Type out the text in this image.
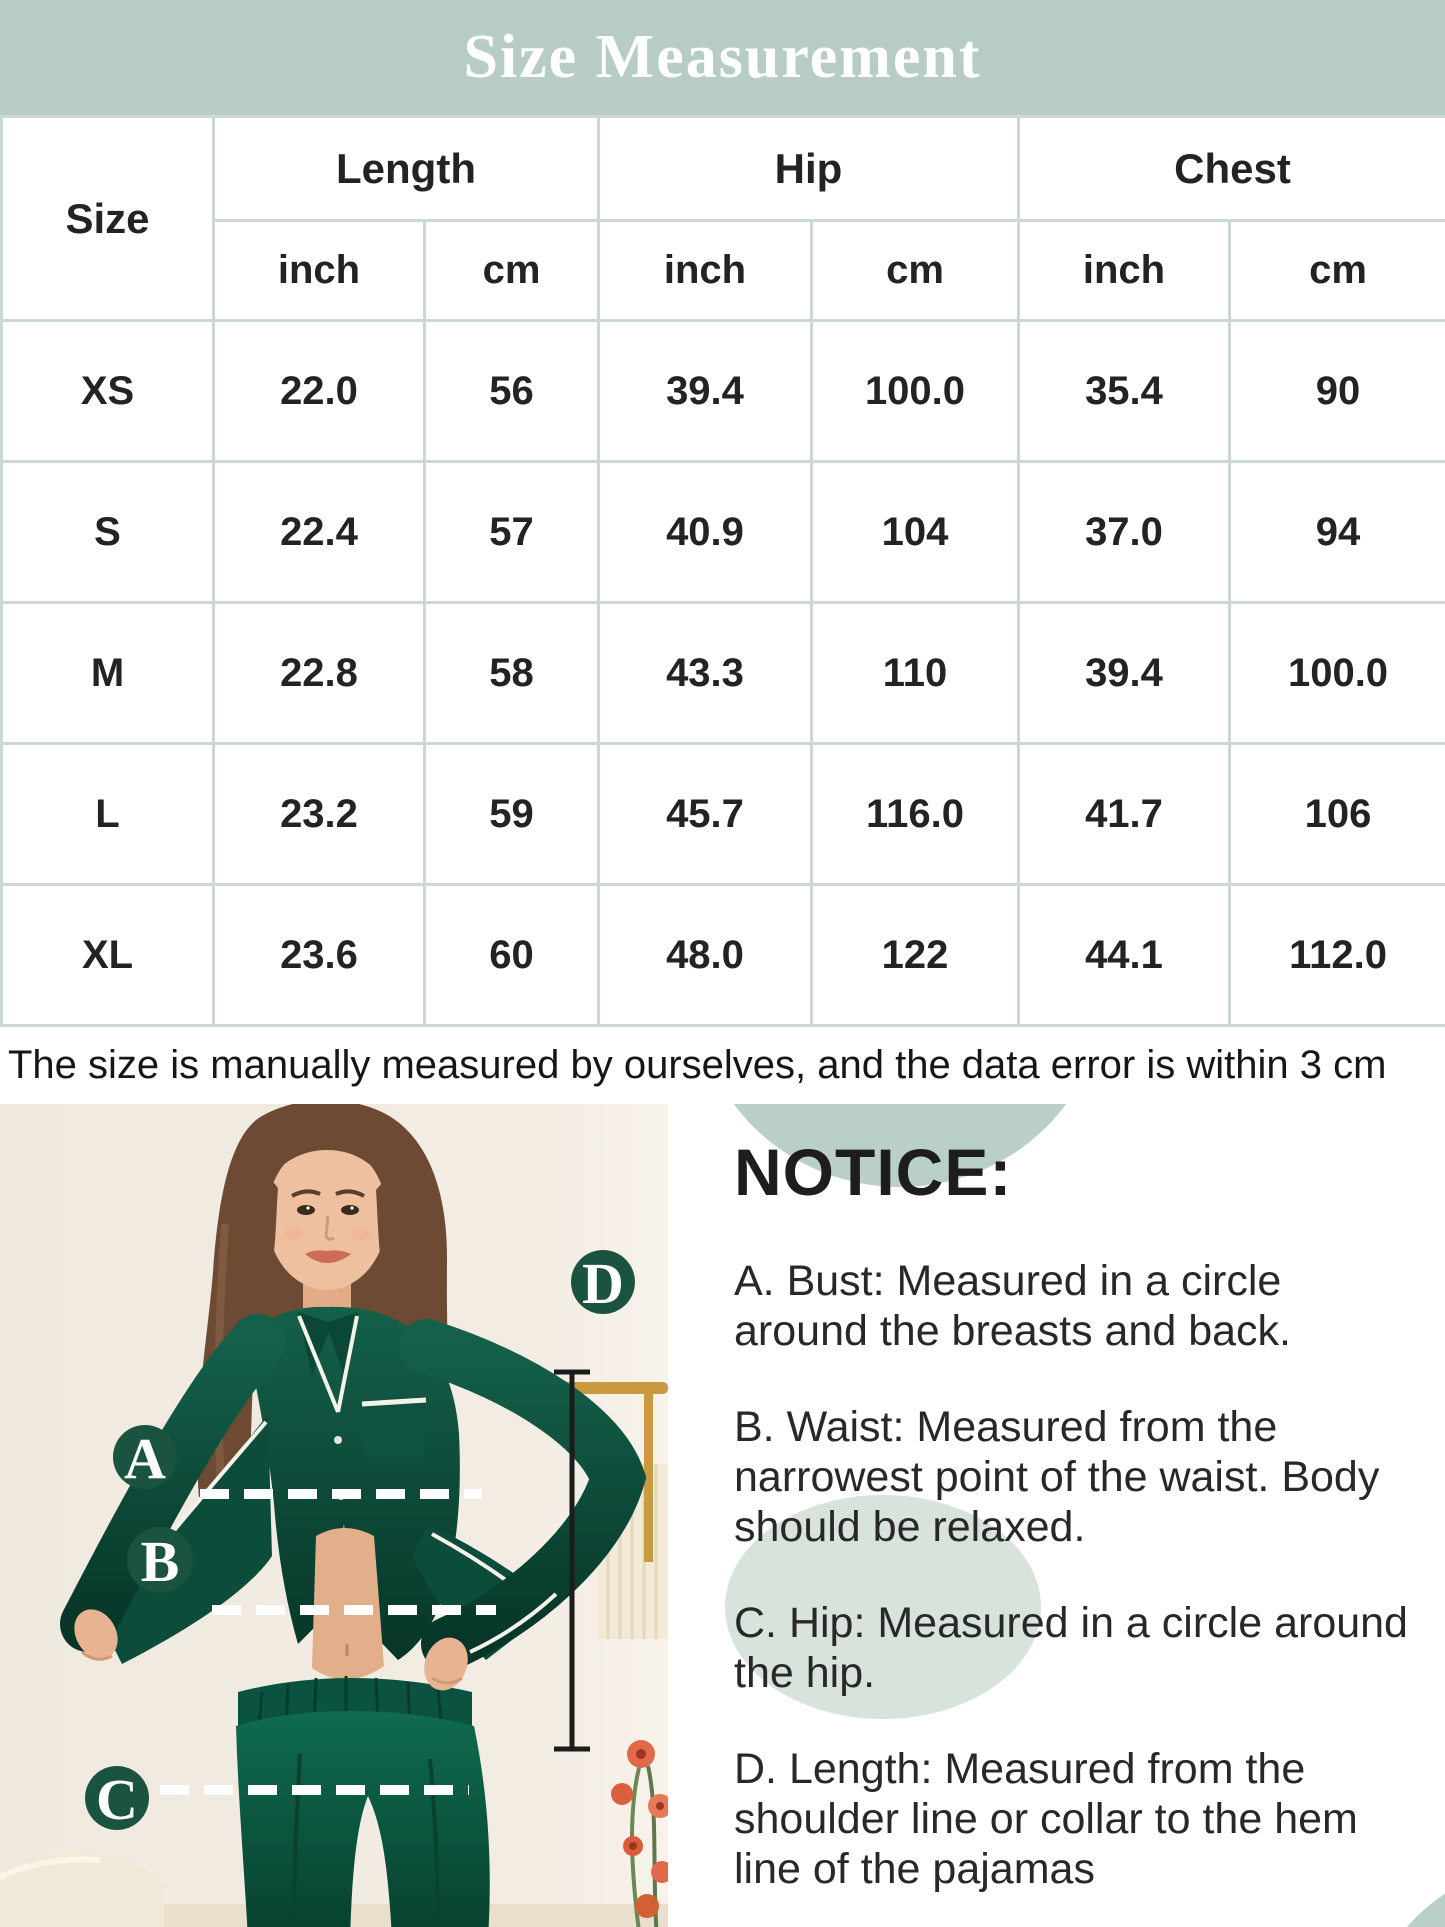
Size Measurement
Size	Length		Hip		Chest	
	inch	cm	inch	cm	inch	cm
XS	22.0	56	39.4	100.0	35.4	90
S	22.4	57	40.9	104	37.0	94
M	22.8	58	43.3	110	39.4	100.0
L	23.2	59	45.7	116.0	41.7	106
XL	23.6	60	48.0	122	44.1	112.0
The size is manually measured by ourselves, and the data error is within 3 cm
A
B
C
D
NOTICE:

A. Bust: Measured in a circle around the breasts and back.

B. Waist: Measured from the narrowest point of the waist. Body should be relaxed.

C. Hip: Measured in a circle around the hip.

D. Length: Measured from the shoulder line or collar to the hem line of the pajamas
